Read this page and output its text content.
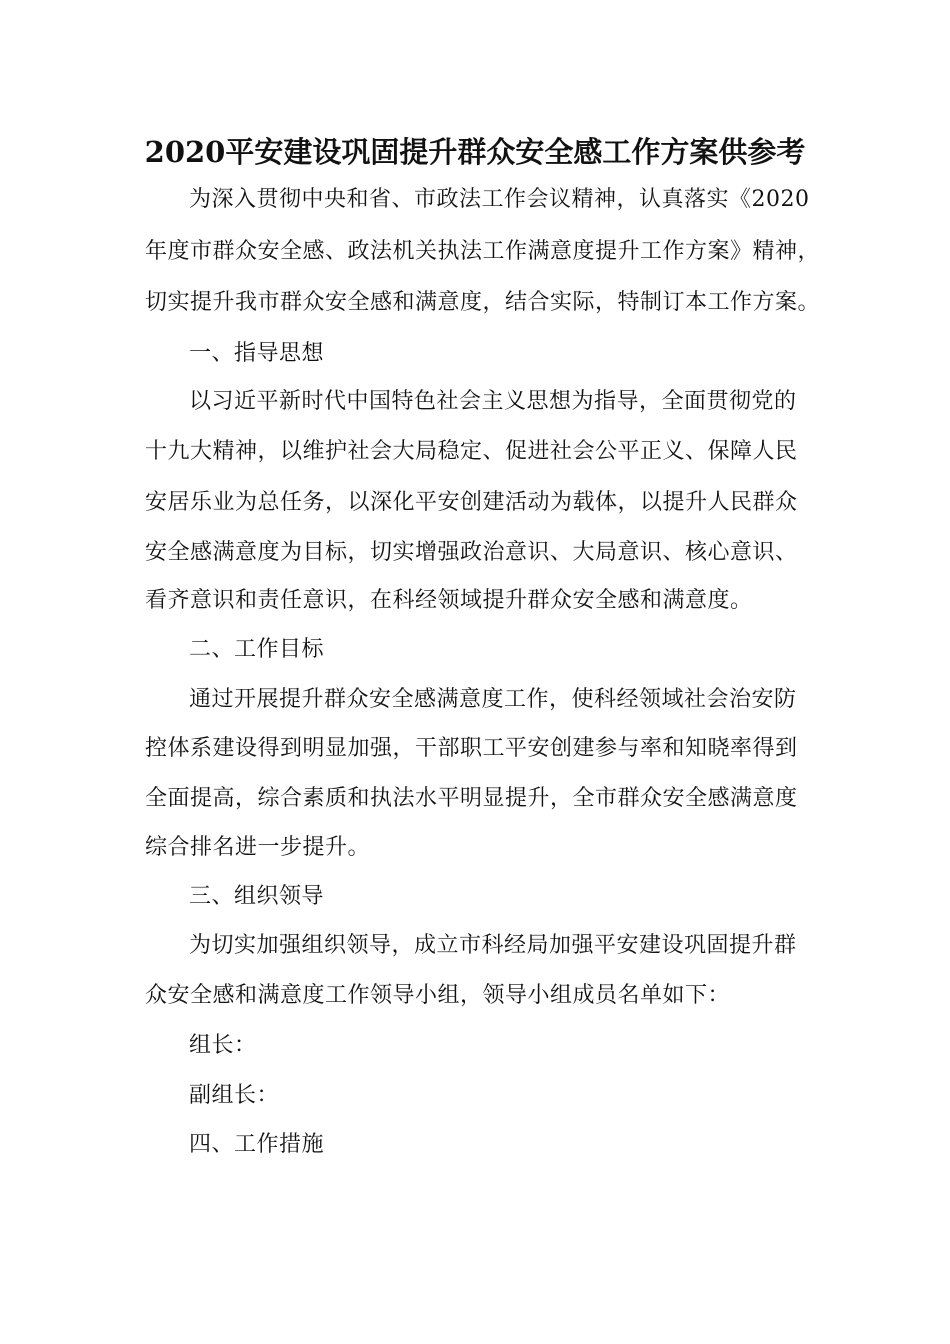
2020平安建设巩固提升群众安全感工作方案供参考
为深入贯彻中央和省、市政法工作会议精神，认真落实《2020
年度市群众安全感、政法机关执法工作满意度提升工作方案》精神，
切实提升我市群众安全感和满意度，结合实际，特制订本工作方案。
一、指导思想
以习近平新时代中国特色社会主义思想为指导，全面贯彻党的
十九大精神，以维护社会大局稳定、促进社会公平正义、保障人民
安居乐业为总任务，以深化平安创建活动为载体，以提升人民群众
安全感满意度为目标，切实增强政治意识、大局意识、核心意识、
看齐意识和责任意识，在科经领域提升群众安全感和满意度。
二、工作目标
通过开展提升群众安全感满意度工作，使科经领域社会治安防
控体系建设得到明显加强，干部职工平安创建参与率和知晓率得到
全面提高，综合素质和执法水平明显提升，全市群众安全感满意度
综合排名进一步提升。
三、组织领导
为切实加强组织领导，成立市科经局加强平安建设巩固提升群
众安全感和满意度工作领导小组，领导小组成员名单如下：
组长：
副组长：
四、工作措施
